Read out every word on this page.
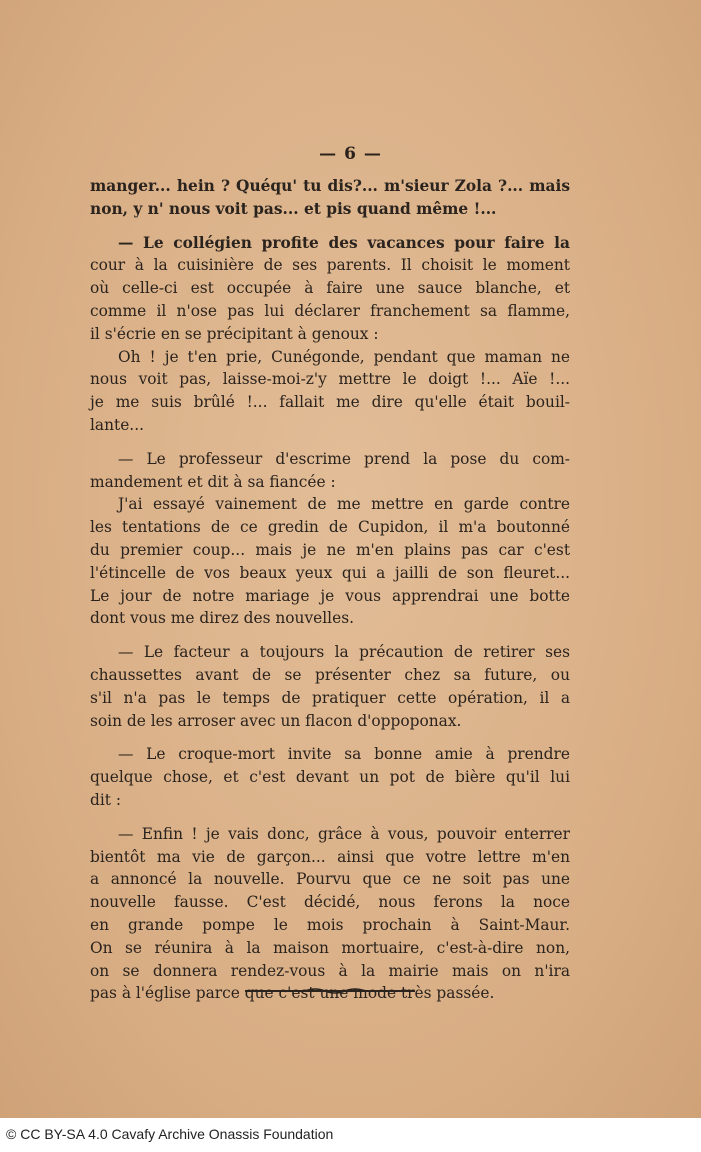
— 6 —
manger... hein ? Quéqu' tu dis?... m'sieur Zola ?... mais
non, y n' nous voit pas... et pis quand même !...
— Le collégien profite des vacances pour faire la
cour à la cuisinière de ses parents. Il choisit le moment
où celle-ci est occupée à faire une sauce blanche, et
comme il n'ose pas lui déclarer franchement sa flamme,
il s'écrie en se précipitant à genoux :
Oh ! je t'en prie, Cunégonde, pendant que maman ne
nous voit pas, laisse-moi-z'y mettre le doigt !... Aïe !...
je me suis brûlé !... fallait me dire qu'elle était bouil-
lante...
— Le professeur d'escrime prend la pose du com-
mandement et dit à sa fiancée :
J'ai essayé vainement de me mettre en garde contre
les tentations de ce gredin de Cupidon, il m'a boutonné
du premier coup... mais je ne m'en plains pas car c'est
l'étincelle de vos beaux yeux qui a jailli de son fleuret...
Le jour de notre mariage je vous apprendrai une botte
dont vous me direz des nouvelles.
— Le facteur a toujours la précaution de retirer ses
chaussettes avant de se présenter chez sa future, ou
s'il n'a pas le temps de pratiquer cette opération, il a
soin de les arroser avec un flacon d'oppoponax.
— Le croque-mort invite sa bonne amie à prendre
quelque chose, et c'est devant un pot de bière qu'il lui
dit :
— Enfin ! je vais donc, grâce à vous, pouvoir enterrer
bientôt ma vie de garçon... ainsi que votre lettre m'en
a annoncé la nouvelle. Pourvu que ce ne soit pas une
nouvelle fausse. C'est décidé, nous ferons la noce
en grande pompe le mois prochain à Saint-Maur.
On se réunira à la maison mortuaire, c'est-à-dire non,
on se donnera rendez-vous à la mairie mais on n'ira
pas à l'église parce que c'est une mode très passée.
© CC BY-SA 4.0 Cavafy Archive Onassis Foundation
